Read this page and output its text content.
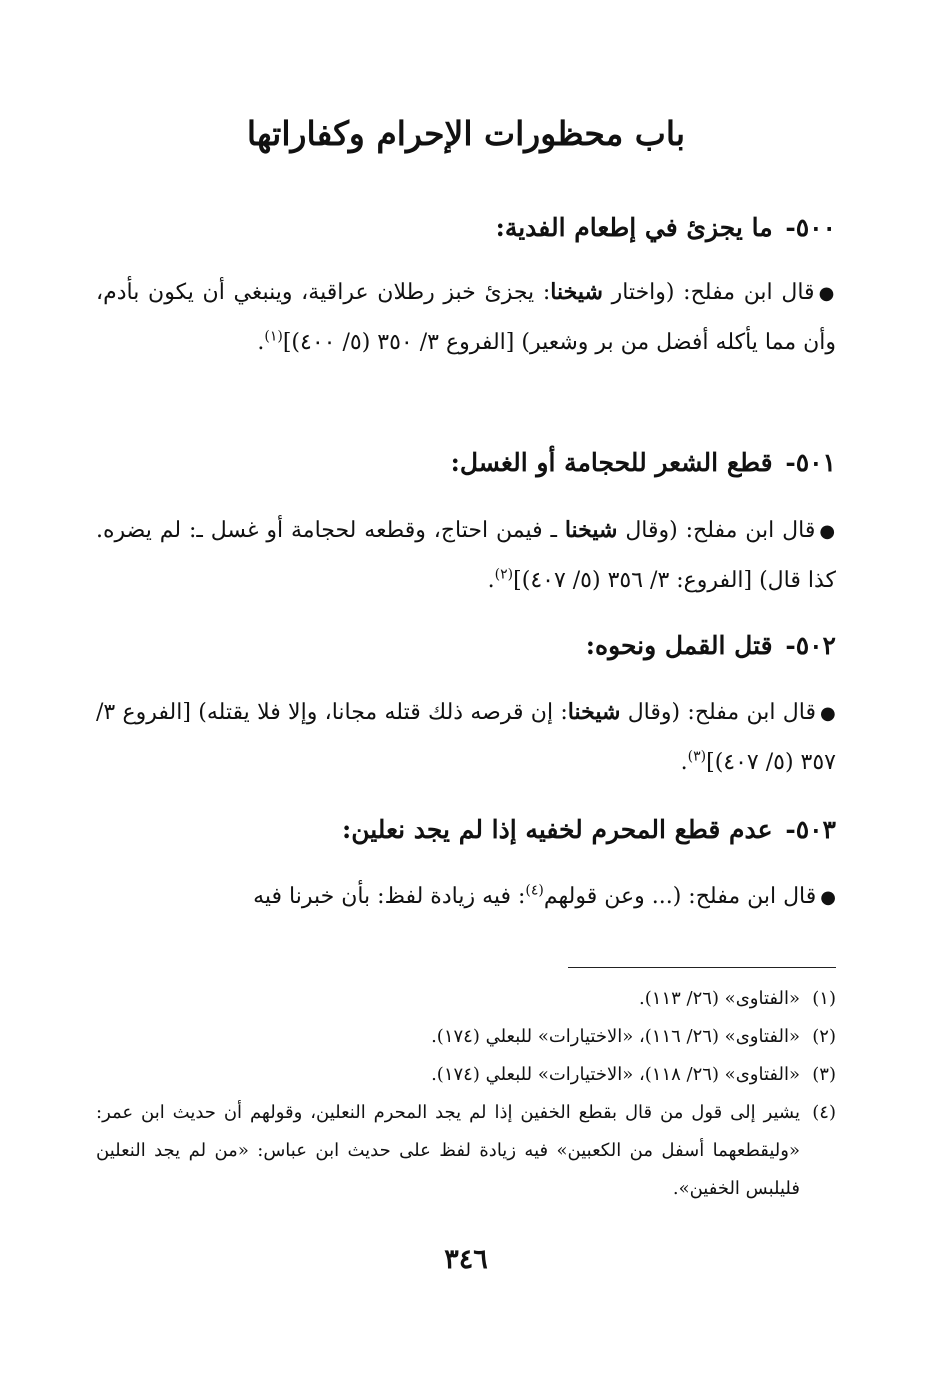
باب محظورات الإحرام وكفاراتها
٥٠٠- ما يجزئ في إطعام الفدية:

●قال ابن مفلح: (واختار شيخنا: يجزئ خبز رطلان عراقية، وينبغي أن يكون بأدم، وأن مما يأكله أفضل من بر وشعير) [الفروع ٣/ ٣٥٠ (٥/ ٤٠٠)]$^{(١)}$.

٥٠١- قطع الشعر للحجامة أو الغسل:

●قال ابن مفلح: (وقال شيخنا ـ فيمن احتاج، وقطعه لحجامة أو غسل ـ: لم يضره. كذا قال) [الفروع: ٣/ ٣٥٦ (٥/ ٤٠٧)]$^{(٢)}$.

٥٠٢- قتل القمل ونحوه:

●قال ابن مفلح: (وقال شيخنا: إن قرصه ذلك قتله مجانا، وإلا فلا يقتله) [الفروع ٣/ ٣٥٧ (٥/ ٤٠٧)]$^{(٣)}$.

٥٠٣- عدم قطع المحرم لخفيه إذا لم يجد نعلين:

●قال ابن مفلح: (... وعن قولهم$^{(٤)}$: فيه زيادة لفظ: بأن خبرنا فيه

(١)
«الفتاوى» (٢٦/ ١١٣).
(٢)
«الفتاوى» (٢٦/ ١١٦)، «الاختيارات» للبعلي (١٧٤).
(٣)
«الفتاوى» (٢٦/ ١١٨)، «الاختيارات» للبعلي (١٧٤).
(٤)
يشير إلى قول من قال بقطع الخفين إذا لم يجد المحرم النعلين، وقولهم أن حديث ابن عمر: «وليقطعهما أسفل من الكعبين» فيه زيادة لفظ على حديث ابن عباس: «من لم يجد النعلين فليلبس الخفين».
٣٤٦
